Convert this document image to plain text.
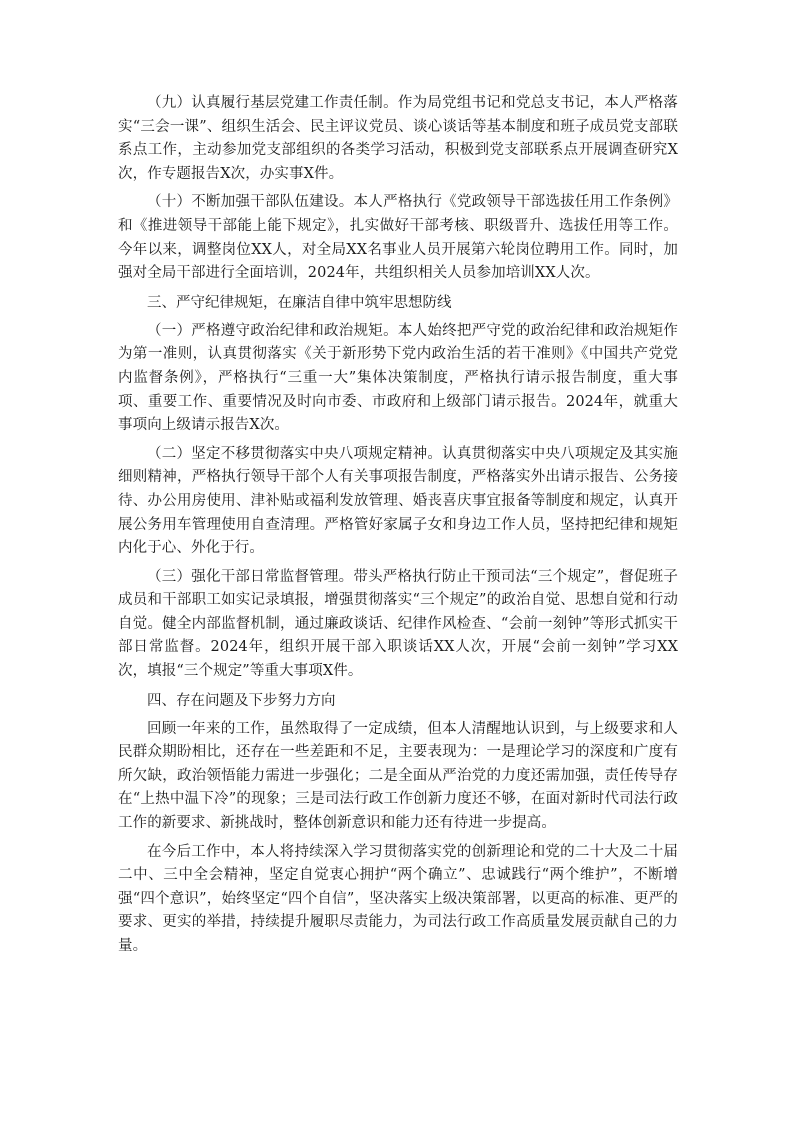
（九）认真履行基层党建工作责任制。作为局党组书记和党总支书记，本人严格落实“三会一课”、组织生活会、民主评议党员、谈心谈话等基本制度和班子成员党支部联系点工作，主动参加党支部组织的各类学习活动，积极到党支部联系点开展调查研究X次，作专题报告X次，办实事X件。

（十）不断加强干部队伍建设。本人严格执行《党政领导干部选拔任用工作条例》和《推进领导干部能上能下规定》，扎实做好干部考核、职级晋升、选拔任用等工作。今年以来，调整岗位XX人，对全局XX名事业人员开展第六轮岗位聘用工作。同时，加强对全局干部进行全面培训，2024年，共组织相关人员参加培训XX人次。

三、严守纪律规矩，在廉洁自律中筑牢思想防线

（一）严格遵守政治纪律和政治规矩。本人始终把严守党的政治纪律和政治规矩作为第一准则，认真贯彻落实《关于新形势下党内政治生活的若干准则》《中国共产党党内监督条例》，严格执行“三重一大”集体决策制度，严格执行请示报告制度，重大事项、重要工作、重要情况及时向市委、市政府和上级部门请示报告。2024年，就重大事项向上级请示报告X次。

（二）坚定不移贯彻落实中央八项规定精神。认真贯彻落实中央八项规定及其实施细则精神，严格执行领导干部个人有关事项报告制度，严格落实外出请示报告、公务接待、办公用房使用、津补贴或福利发放管理、婚丧喜庆事宜报备等制度和规定，认真开展公务用车管理使用自查清理。严格管好家属子女和身边工作人员，坚持把纪律和规矩内化于心、外化于行。

（三）强化干部日常监督管理。带头严格执行防止干预司法“三个规定”，督促班子成员和干部职工如实记录填报，增强贯彻落实“三个规定”的政治自觉、思想自觉和行动自觉。健全内部监督机制，通过廉政谈话、纪律作风检查、“会前一刻钟”等形式抓实干部日常监督。2024年，组织开展干部入职谈话XX人次，开展“会前一刻钟”学习XX次，填报“三个规定”等重大事项X件。

四、存在问题及下步努力方向

回顾一年来的工作，虽然取得了一定成绩，但本人清醒地认识到，与上级要求和人民群众期盼相比，还存在一些差距和不足，主要表现为：一是理论学习的深度和广度有所欠缺，政治领悟能力需进一步强化；二是全面从严治党的力度还需加强，责任传导存在“上热中温下冷”的现象；三是司法行政工作创新力度还不够，在面对新时代司法行政工作的新要求、新挑战时，整体创新意识和能力还有待进一步提高。

在今后工作中，本人将持续深入学习贯彻落实党的创新理论和党的二十大及二十届二中、三中全会精神，坚定自觉衷心拥护“两个确立”、忠诚践行“两个维护”，不断增强“四个意识”，始终坚定“四个自信”，坚决落实上级决策部署，以更高的标准、更严的要求、更实的举措，持续提升履职尽责能力，为司法行政工作高质量发展贡献自己的力量。
